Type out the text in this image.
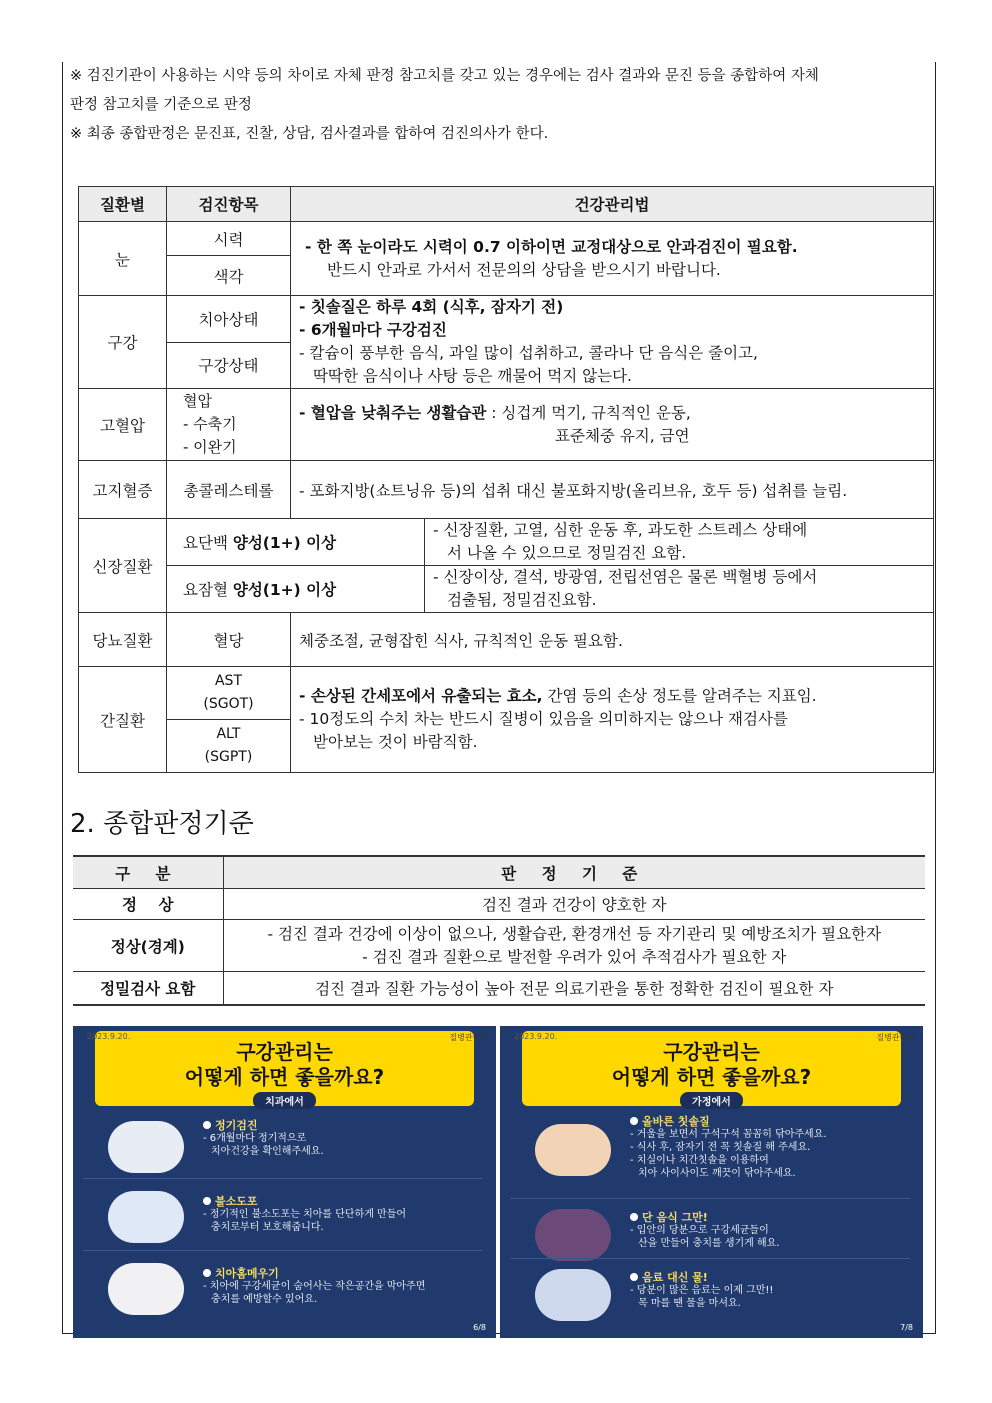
※ 검진기관이 사용하는 시약 등의 차이로 자체 판정 참고치를 갖고 있는 경우에는 검사 결과와 문진 등을 종합하여 자체

판정 참고치를 기준으로 판정

※ 최종 종합판정은 문진표, 진찰, 상담, 검사결과를 합하여 검진의사가 한다.

질환별	검진항목	건강관리법	
눈	시력	- 한 쪽 눈이라도 시력이 0.7 이하이면 교정대상으로 안과검진이 필요함.
반드시 안과로 가서서 전문의의 상담을 받으시기 바랍니다.	

	색각		
구강	치아상태	- 칫솔질은 하루 4회 (식후, 잠자기 전)
- 6개월마다 구강검진
- 칼슘이 풍부한 음식, 과일 많이 섭취하고, 콜라나 단 음식은 줄이고,
딱딱한 음식이나 사탕 등은 깨물어 먹지 않는다.	

	구강상태		
고혈압	혈압
- 수축기
- 이완기	- 혈압을 낮춰주는 생활습관 : 싱겁게 먹기, 규칙적인 운동,
표준체중 유지, 금연	

고지혈증	총콜레스테롤	- 포화지방(쇼트닝유 등)의 섭취 대신 불포화지방(올리브유, 호두 등) 섭취를 늘림.	
신장질환	요단백 양성(1+) 이상		- 신장질환, 고열, 심한 운동 후, 과도한 스트레스 상태에
서 나올 수 있으므로 정밀검진 요함.

	요잠혈 양성(1+) 이상		- 신장이상, 결석, 방광염, 전립선염은 물론 백혈병 등에서
검출됨, 정밀검진요함.

당뇨질환	혈당	체중조절, 균형잡힌 식사, 규칙적인 운동 필요함.	
간질환	AST
(SGOT)	- 손상된 간세포에서 유출되는 효소, 간염 등의 손상 정도를 알려주는 지표임.
- 10정도의 수치 차는 반드시 질병이 있음을 의미하지는 않으나 재검사를
받아보는 것이 바람직함.	

	ALT
(SGPT)		
2. 종합판정기준
구 분	판 정 기 준
정    상	검진 결과 건강이 양호한 자
정상(경계)	- 검진 결과 건강에 이상이 없으나, 생활습관, 환경개선 등 자기관리 및 예방조치가 필요한자
- 검진 결과 질환으로 발전할 우려가 있어 추적검사가 필요한 자

정밀검사 요함	검진 결과 질환 가능성이 높아 전문 의료기관을 통한 정확한 검진이 필요한 자
구강관리는
어떻게 하면 좋을까요?
치과에서
2023.9.20.	질병관리청
정기검진
- 6개월마다 정기적으로
치아건강을 확인해주세요.
불소도포
- 정기적인 불소도포는 치아를 단단하게 만들어
충치로부터 보호해줍니다.
치아홈메우기
- 치아에 구강세균이 숨어사는 작은공간을 막아주면
충치를 예방할수 있어요.
6/8
구강관리는
어떻게 하면 좋을까요?
가정에서
2023.9.20.	질병관리청
올바른 칫솔질
- 거울을 보면서 구석구석 꼼꼼히 닦아주세요.
- 식사 후, 잠자기 전 꼭 칫솔질 해 주세요.
- 치실이나 치간칫솔을 이용하여
치아 사이사이도 깨끗이 닦아주세요.
단 음식 그만!
- 입안의 당분으로 구강세균들이
산을 만들어 충치를 생기게 해요.
음료 대신 물!
- 당분이 많은 음료는 이제 그만!!
목 마를 땐 물을 마셔요.
7/8
